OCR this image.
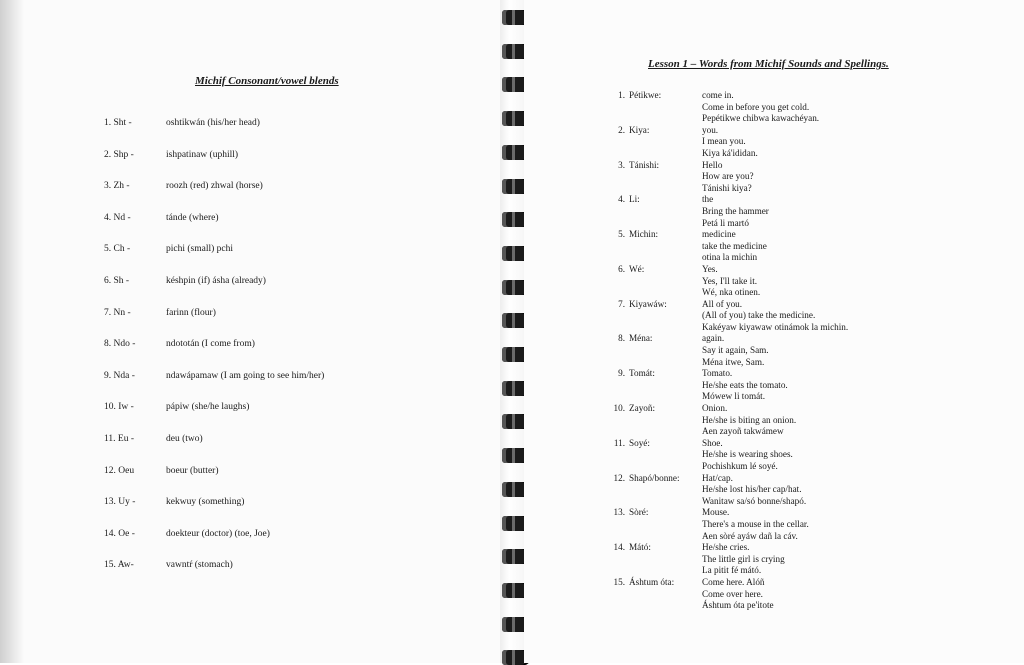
Michif Consonant/vowel blends
1. Sht -	oshtikwán (his/her head)
2. Shp -	ishpatinaw (uphill)
3. Zh -	roozh (red) zhwal (horse)
4. Nd -	tánde (where)
5. Ch -	pichi (small) pchi
6. Sh -	késhpin (if) ásha (already)
7. Nn -	farinn (flour)
8. Ndo -	ndototán (I come from)
9. Nda -	ndawápamaw (I am going to see him/her)
10. Iw -	pápiw (she/he laughs)
11. Eu -	deu (two)
12. Oeu	boeur (butter)
13. Uy -	kekwuy (something)
14. Oe -	doekteur (doctor) (toe, Joe)
15. Aw-	vawntŕ (stomach)
Lesson 1 – Words from Michif Sounds and Spellings.
1. Pétikwe:	come in.
Come in before you get cold.
Pepétikwe chibwa kawachéyan.
2. Kiya:	you.
I mean you.
Kiya ká'ididan.
3. Tánishi:	Hello
How are you?
Tánishi kiya?
4. Li:	the
Bring the hammer
Petá li martó
5. Michin:	medicine
take the medicine
otina la michin
6. Wé:	Yes.
Yes, I'll take it.
Wé, nka otinen.
7. Kiyawáw:	All of you.
(All of you) take the medicine.
Kakéyaw kiyawaw otinámok la michin.
8. Ména:	again.
Say it again, Sam.
Ména itwe, Sam.
9. Tomát:	Tomato.
He/she eats the tomato.
Mówew li tomát.
10. Zayoñ:	Onion.
He/she is biting an onion.
Aen zayoñ takwámew
11. Soyé:	Shoe.
He/she is wearing shoes.
Pochishkum lé soyé.
12. Shapó/bonne: Hat/cap.
He/she lost his/her cap/hat.
Wanitaw sa/só bonne/shapó.
13. Sòré:	Mouse.
There's a mouse in the cellar.
Aen sòré ayáw dañ la cáv.
14. Mátó:	He/she cries.
The little girl is crying
La pitit fé mátó.
15. Áshtum óta:	Come here. Alóñ
Come over here.
Áshtum óta pe'itote
